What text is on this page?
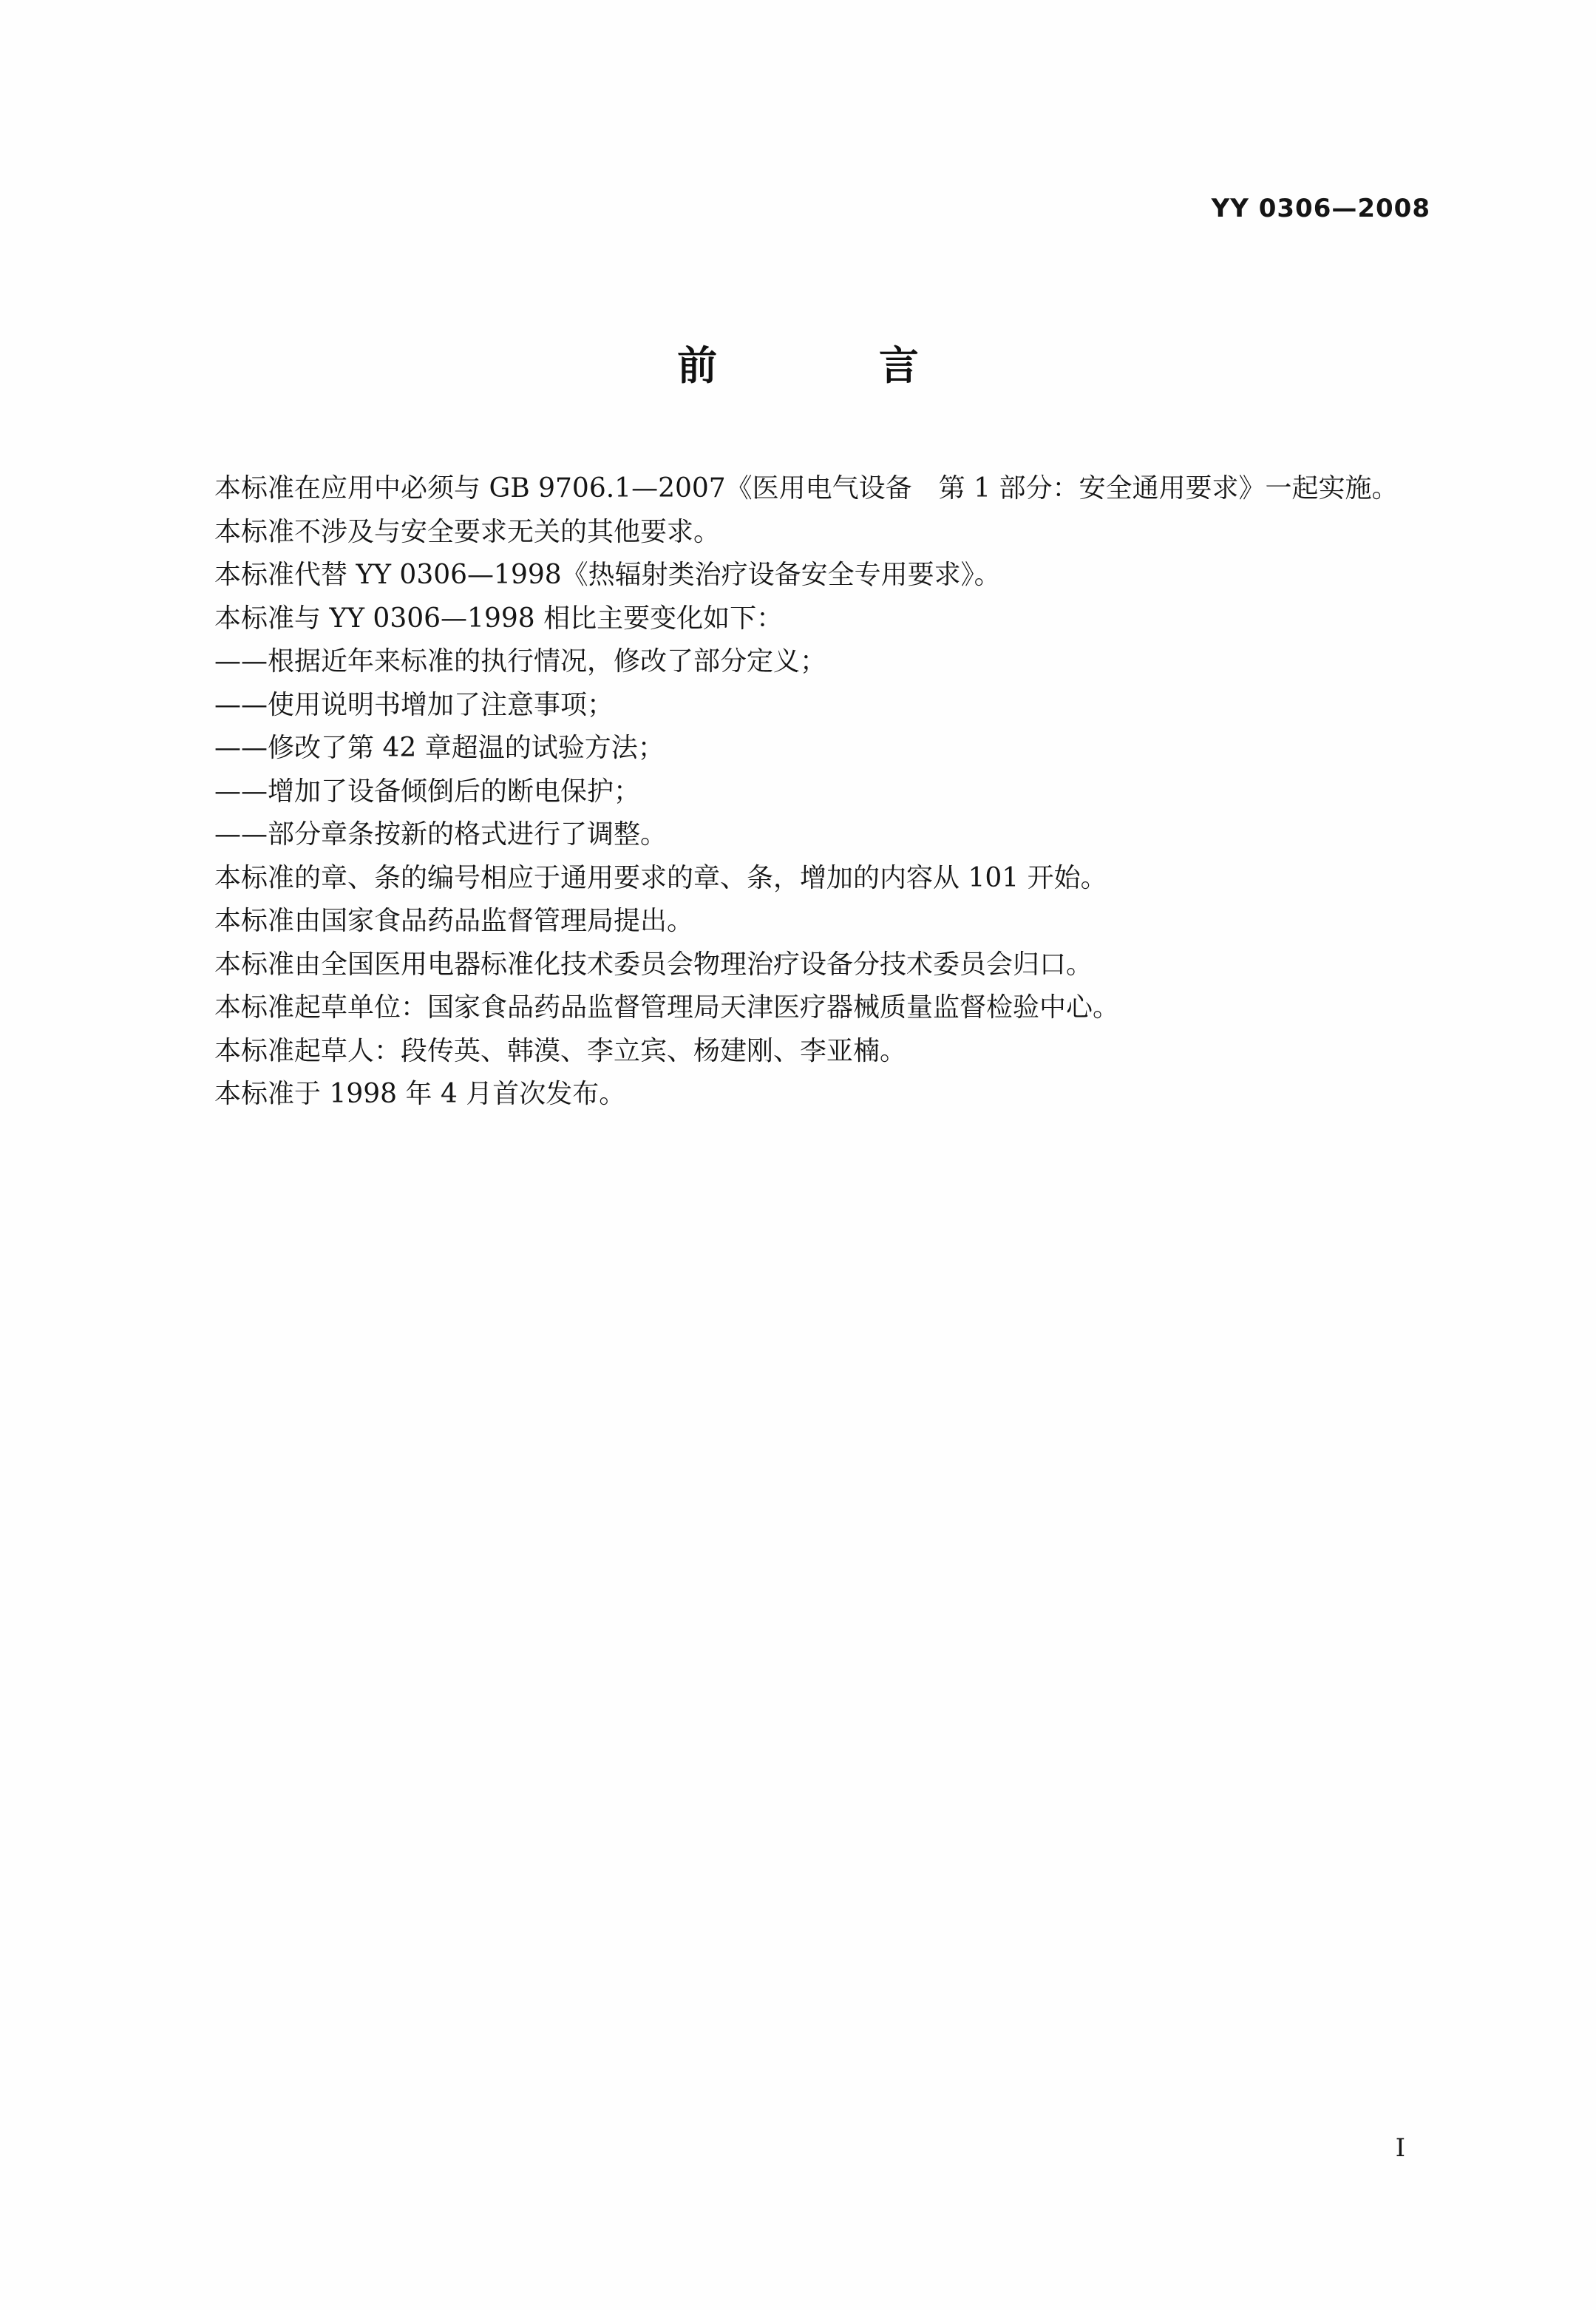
YY 0306—2008
前 言
本标准在应用中必须与 GB 9706.1—2007《医用电气设备　第 1 部分：安全通用要求》一起实施。
本标准不涉及与安全要求无关的其他要求。
本标准代替 YY 0306—1998《热辐射类治疗设备安全专用要求》。
本标准与 YY 0306—1998 相比主要变化如下：
——根据近年来标准的执行情况，修改了部分定义；
——使用说明书增加了注意事项；
——修改了第 42 章超温的试验方法；
——增加了设备倾倒后的断电保护；
——部分章条按新的格式进行了调整。
本标准的章、条的编号相应于通用要求的章、条，增加的内容从 101 开始。
本标准由国家食品药品监督管理局提出。
本标准由全国医用电器标准化技术委员会物理治疗设备分技术委员会归口。
本标准起草单位：国家食品药品监督管理局天津医疗器械质量监督检验中心。
本标准起草人：段传英、韩漠、李立宾、杨建刚、李亚楠。
本标准于 1998 年 4 月首次发布。
I
